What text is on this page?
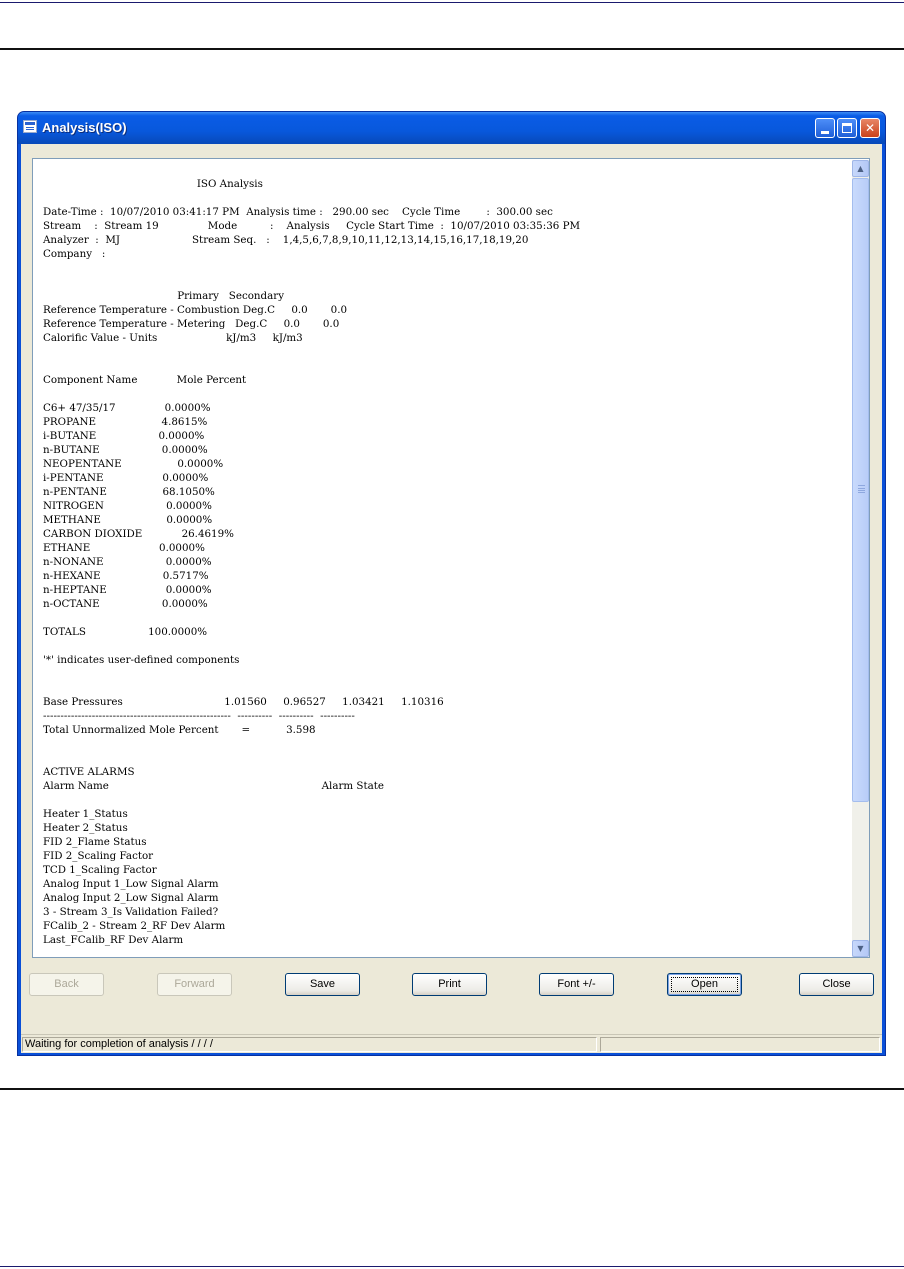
Analysis(ISO)	✕
ISO Analysis

Date-Time :  10/07/2010 03:41:17 PM  Analysis time :   290.00 sec    Cycle Time        :  300.00 sec
Stream    :  Stream 19               Mode          :    Analysis     Cycle Start Time  :  10/07/2010 03:35:36 PM
Analyzer  :  MJ                      Stream Seq.   :    1,4,5,6,7,8,9,10,11,12,13,14,15,16,17,18,19,20
Company   :

Primary   Secondary
Reference Temperature - Combustion Deg.C     0.0       0.0
Reference Temperature - Metering   Deg.C     0.0       0.0
Calorific Value - Units                     kJ/m3     kJ/m3

Component Name            Mole Percent

C6+ 47/35/17               0.0000%
PROPANE                    4.8615%
i-BUTANE                   0.0000%
n-BUTANE                   0.0000%
NEOPENTANE                 0.0000%
i-PENTANE                  0.0000%
n-PENTANE                 68.1050%
NITROGEN                   0.0000%
METHANE                    0.0000%
CARBON DIOXIDE            26.4619%
ETHANE                     0.0000%
n-NONANE                   0.0000%
n-HEXANE                   0.5717%
n-HEPTANE                  0.0000%
n-OCTANE                   0.0000%

TOTALS                   100.0000%

'*' indicates user-defined components

Base Pressures                               1.01560     0.96527     1.03421     1.10316
------------------------------------------------------  ----------  ----------  ----------
Total Unnormalized Mole Percent       =           3.598

ACTIVE ALARMS
Alarm Name                                                                 Alarm State

Heater 1_Status
Heater 2_Status
FID 2_Flame Status
FID 2_Scaling Factor
TCD 1_Scaling Factor
Analog Input 1_Low Signal Alarm
Analog Input 2_Low Signal Alarm
3 - Stream 3_Is Validation Failed?
FCalib_2 - Stream 2_RF Dev Alarm
Last_FCalib_RF Dev Alarm
▲
▼
Back	Forward	Save	Print	Font +/-	Open	Close
Waiting for completion of analysis / / / /
